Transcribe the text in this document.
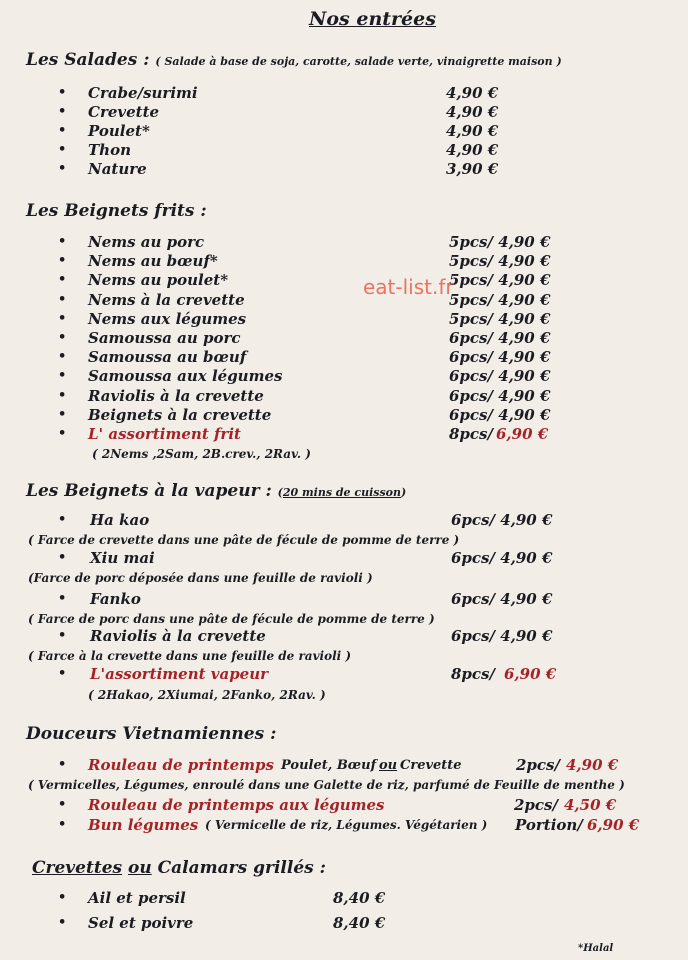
Nos entrées
Les Salades : ( Salade à base de soja, carotte, salade verte, vinaigrette maison )
Les Beignets frits :
Les Beignets à la vapeur : (20 mins de cuisson)
Douceurs Vietnamiennes :
Crevettes ou Calamars grillés :
• Crabe/surimi	4,90 €
• Crevette	4,90 €
• Poulet*	4,90 €
• Thon	4,90 €
• Nature	3,90 €
• Nems au porc	5pcs/ 4,90 €
• Nems au bœuf*	5pcs/ 4,90 €
• Nems au poulet*	5pcs/ 4,90 €
• Nems à la crevette	5pcs/ 4,90 €
• Nems aux légumes	5pcs/ 4,90 €
• Samoussa au porc	6pcs/ 4,90 €
• Samoussa au bœuf	6pcs/ 4,90 €
• Samoussa aux légumes	6pcs/ 4,90 €
• Raviolis à la crevette	6pcs/ 4,90 €
• Beignets à la crevette	6pcs/ 4,90 €
• L' assortiment frit	8pcs/ 6,90 €
( 2Nems ,2Sam, 2B.crev., 2Rav. )
• Ha kao	6pcs/ 4,90 €
( Farce de crevette dans une pâte de fécule de pomme de terre )
• Xiu mai	6pcs/ 4,90 €
(Farce de porc déposée dans une feuille de ravioli )
• Fanko	6pcs/ 4,90 €
( Farce de porc dans une pâte de fécule de pomme de terre )
• Raviolis à la crevette	6pcs/ 4,90 €
( Farce à la crevette dans une feuille de ravioli )
• L'assortiment vapeur	8pcs/ 6,90 €
( 2Hakao, 2Xiumai, 2Fanko, 2Rav. )
• Rouleau de printemps Poulet, Bœuf ou Crevette	2pcs/ 4,90 €
( Vermicelles, Légumes, enroulé dans une Galette de riz, parfumé de Feuille de menthe )
• Rouleau de printemps aux légumes	2pcs/ 4,50 €
• Bun légumes ( Vermicelle de riz, Légumes. Végétarien ) Portion/ 6,90 €
• Ail et persil	8,40 €
• Sel et poivre	8,40 €
eat-list.fr
*Halal
